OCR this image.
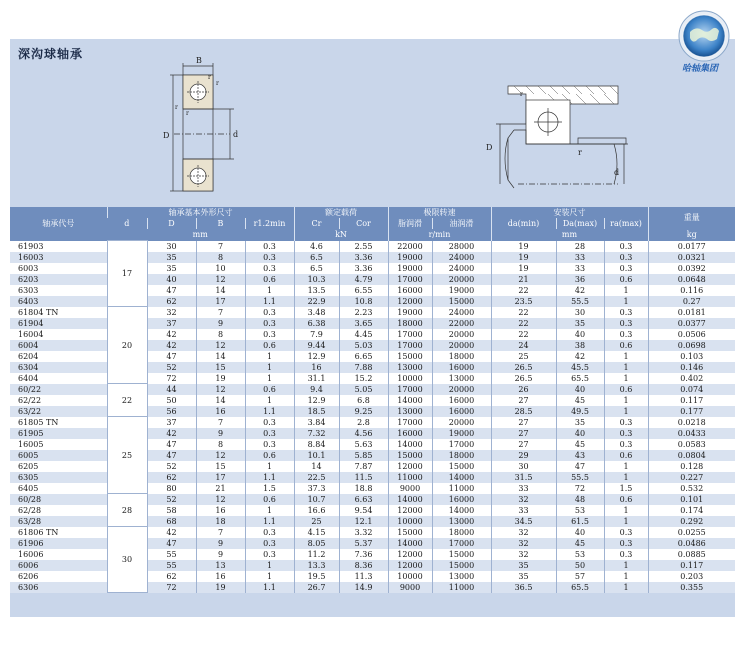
深沟球轴承
哈轴集团
B
r
r
r
r
D	d
r
D
r
d
轴承代号	轴承基本外形尺寸				额定载荷		极限转速		安装尺寸			重量
	d	D	B	r1.2min	Cr	Cor	脂润滑	油润滑	da(min)	Da(max)	ra(max)	
	mm				kN		r/min		mm			kg
61903	17	30	7	0.3	4.6	2.55	22000	28000	19	28	0.3	0.0177
16003		35	8	0.3	6.5	3.36	19000	24000	19	33	0.3	0.0321
6003		35	10	0.3	6.5	3.36	19000	24000	19	33	0.3	0.0392
6203		40	12	0.6	10.3	4.79	17000	20000	21	36	0.6	0.0648
6303		47	14	1	13.5	6.55	16000	19000	22	42	1	0.116
6403		62	17	1.1	22.9	10.8	12000	15000	23.5	55.5	1	0.27
61804 TN	20	32	7	0.3	3.48	2.23	19000	24000	22	30	0.3	0.0181
61904		37	9	0.3	6.38	3.65	18000	22000	22	35	0.3	0.0377
16004		42	8	0.3	7.9	4.45	17000	20000	22	40	0.3	0.0506
6004		42	12	0.6	9.44	5.03	17000	20000	24	38	0.6	0.0698
6204		47	14	1	12.9	6.65	15000	18000	25	42	1	0.103
6304		52	15	1	16	7.88	13000	16000	26.5	45.5	1	0.146
6404		72	19	1	31.1	15.2	10000	13000	26.5	65.5	1	0.402
60/22	22	44	12	0.6	9.4	5.05	17000	20000	26	40	0.6	0.074
62/22		50	14	1	12.9	6.8	14000	16000	27	45	1	0.117
63/22		56	16	1.1	18.5	9.25	13000	16000	28.5	49.5	1	0.177
61805 TN	25	37	7	0.3	3.84	2.8	17000	20000	27	35	0.3	0.0218
61905		42	9	0.3	7.32	4.56	16000	19000	27	40	0.3	0.0433
16005		47	8	0.3	8.84	5.63	14000	17000	27	45	0.3	0.0583
6005		47	12	0.6	10.1	5.85	15000	18000	29	43	0.6	0.0804
6205		52	15	1	14	7.87	12000	15000	30	47	1	0.128
6305		62	17	1.1	22.5	11.5	11000	14000	31.5	55.5	1	0.227
6405		80	21	1.5	37.3	18.8	9000	11000	33	72	1.5	0.532
60/28	28	52	12	0.6	10.7	6.63	14000	16000	32	48	0.6	0.101
62/28		58	16	1	16.6	9.54	12000	14000	33	53	1	0.174
63/28		68	18	1.1	25	12.1	10000	13000	34.5	61.5	1	0.292
61806 TN	30	42	7	0.3	4.15	3.32	15000	18000	32	40	0.3	0.0255
61906		47	9	0.3	8.05	5.37	14000	17000	32	45	0.3	0.0486
16006		55	9	0.3	11.2	7.36	12000	15000	32	53	0.3	0.0885
6006		55	13	1	13.3	8.36	12000	15000	35	50	1	0.117
6206		62	16	1	19.5	11.3	10000	13000	35	57	1	0.203
6306		72	19	1.1	26.7	14.9	9000	11000	36.5	65.5	1	0.355
